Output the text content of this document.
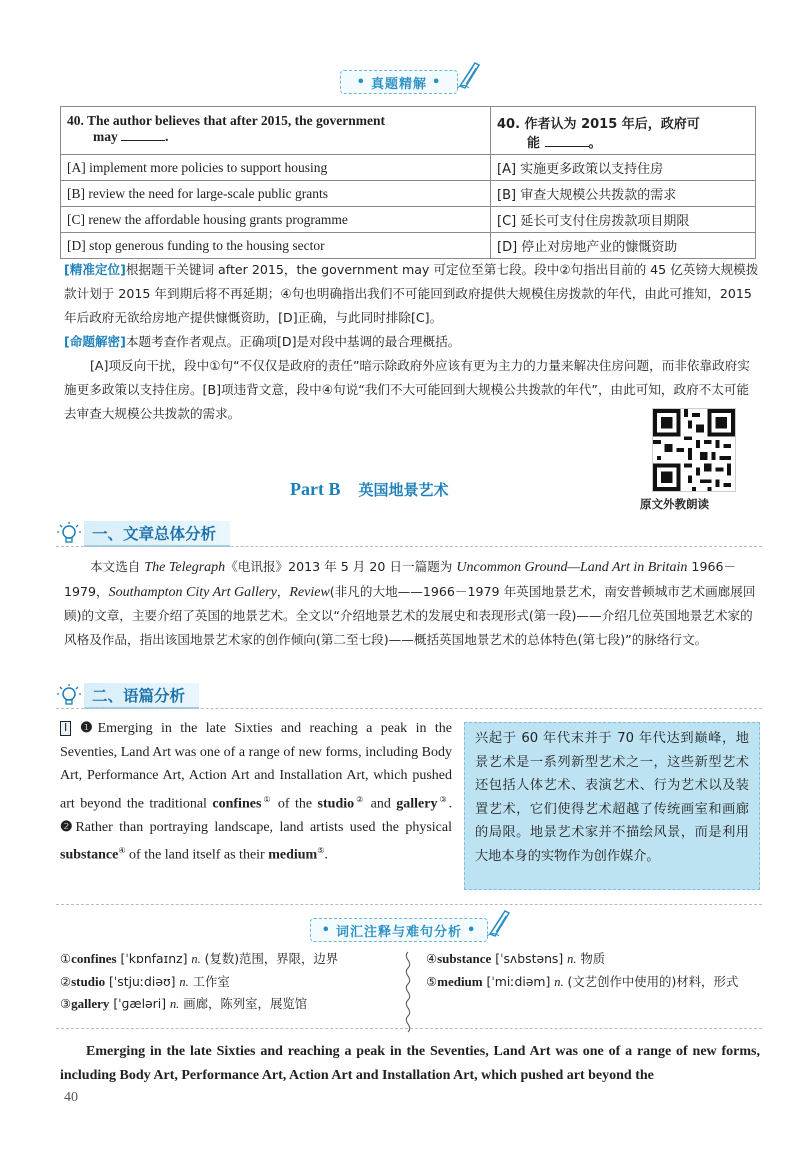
• 真题精解 •
40. The author believes that after 2015, the government
may .	40. 作者认为 2015 年后，政府可
能 。
[A] implement more policies to support housing	[A] 实施更多政策以支持住房
[B] review the need for large-scale public grants	[B] 审查大规模公共拨款的需求
[C] renew the affordable housing grants programme	[C] 延长可支付住房拨款项目期限
[D] stop generous funding to the housing sector	[D] 停止对房地产业的慷慨资助
[精准定位]根据题干关键词 after 2015，the government may 可定位至第七段。段中②句指出目前的 45 亿英镑大规模拨款计划于 2015 年到期后将不再延期；④句也明确指出我们不可能回到政府提供大规模住房拨款的年代，由此可推知，2015 年后政府无欲给房地产提供慷慨资助，[D]正确，与此同时排除[C]。
[命题解密]本题考查作者观点。正确项[D]是对段中基调的最合理概括。
[A]项反向干扰，段中①句“不仅仅是政府的责任”暗示除政府外应该有更为主力的力量来解决住房问题，而非依靠政府实施更多政策以支持住房。[B]项违背文意，段中④句说“我们不大可能回到大规模公共拨款的年代”，由此可知，政府不太可能去审查大规模公共拨款的需求。
原文外教朗读
Part B 英国地景艺术
一、文章总体分析
本文选自 The Telegraph《电讯报》2013 年 5 月 20 日一篇题为 Uncommon Ground—Land Art in Britain 1966－1979，Southampton City Art Gallery，Review(非凡的大地——1966－1979 年英国地景艺术，南安普顿城市艺术画廊展回顾)的文章，主要介绍了英国的地景艺术。全文以“介绍地景艺术的发展史和表现形式(第一段)——介绍几位英国地景艺术家的风格及作品，指出该国地景艺术家的创作倾向(第二至七段)——概括英国地景艺术的总体特色(第七段)”的脉络行文。
二、语篇分析
Ⅰ ❶Emerging in the late Sixties and reaching a peak in the Seventies, Land Art was one of a range of new forms, including Body Art, Performance Art, Action Art and Installation Art, which pushed art beyond the traditional confines① of the studio② and gallery③. ❷Rather than portraying landscape, land artists used the physical substance④ of the land itself as their medium⑤.
兴起于 60 年代末并于 70 年代达到巅峰，地景艺术是一系列新型艺术之一，这些新型艺术还包括人体艺术、表演艺术、行为艺术以及装置艺术，它们使得艺术超越了传统画室和画廊的局限。地景艺术家并不描绘风景，而是利用大地本身的实物作为创作媒介。
• 词汇注释与难句分析 •
①confines [ˈkɒnfaɪnz] n. (复数)范围，界限，边界
②studio [ˈstjuːdiəʊ] n. 工作室
③gallery [ˈɡæləri] n. 画廊，陈列室，展览馆
④substance [ˈsʌbstəns] n. 物质
⑤medium [ˈmiːdiəm] n. (文艺创作中使用的)材料，形式
Emerging in the late Sixties and reaching a peak in the Seventies, Land Art was one of a range of new forms, including Body Art, Performance Art, Action Art and Installation Art, which pushed art beyond the
40
